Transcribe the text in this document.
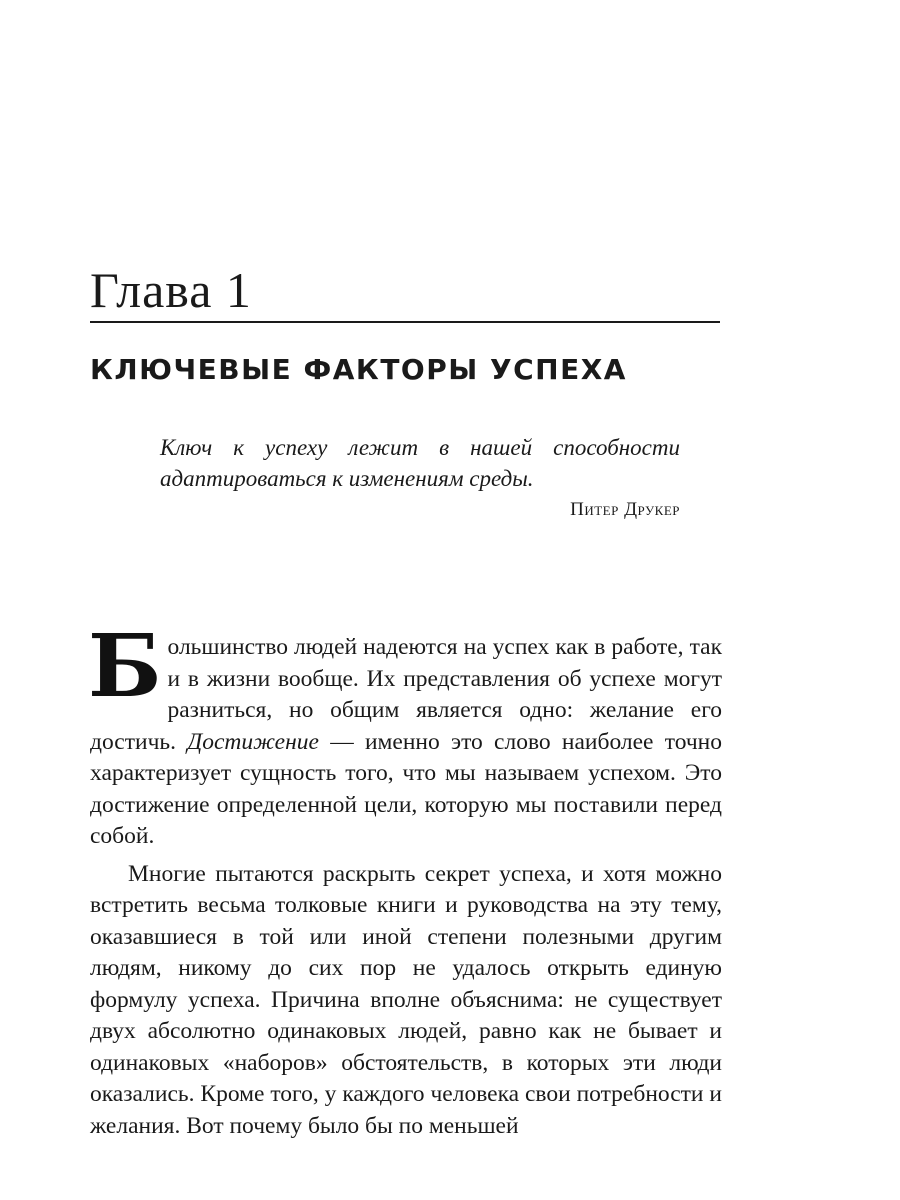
Глава 1
КЛЮЧЕВЫЕ ФАКТОРЫ УСПЕХА
Ключ к успеху лежит в нашей способности адаптироваться к изменениям среды.
Питер Друкер

Большинство людей надеются на успех как в работе, так и в жизни вообще. Их представления об успехе могут разниться, но общим является одно: желание его достичь. Достижение — именно это слово наиболее точно характеризует сущность того, что мы называем успехом. Это достижение определенной цели, которую мы поставили перед собой.

Многие пытаются раскрыть секрет успеха, и хотя можно встретить весьма толковые книги и руководства на эту тему, оказавшиеся в той или иной степени полезными другим людям, никому до сих пор не удалось открыть единую формулу успеха. Причина вполне объяснима: не существует двух абсолютно одинаковых людей, равно как не бывает и одинаковых «наборов» обстоятельств, в которых эти люди оказались. Кроме того, у каждого человека свои потребности и желания. Вот почему было бы по меньшей
